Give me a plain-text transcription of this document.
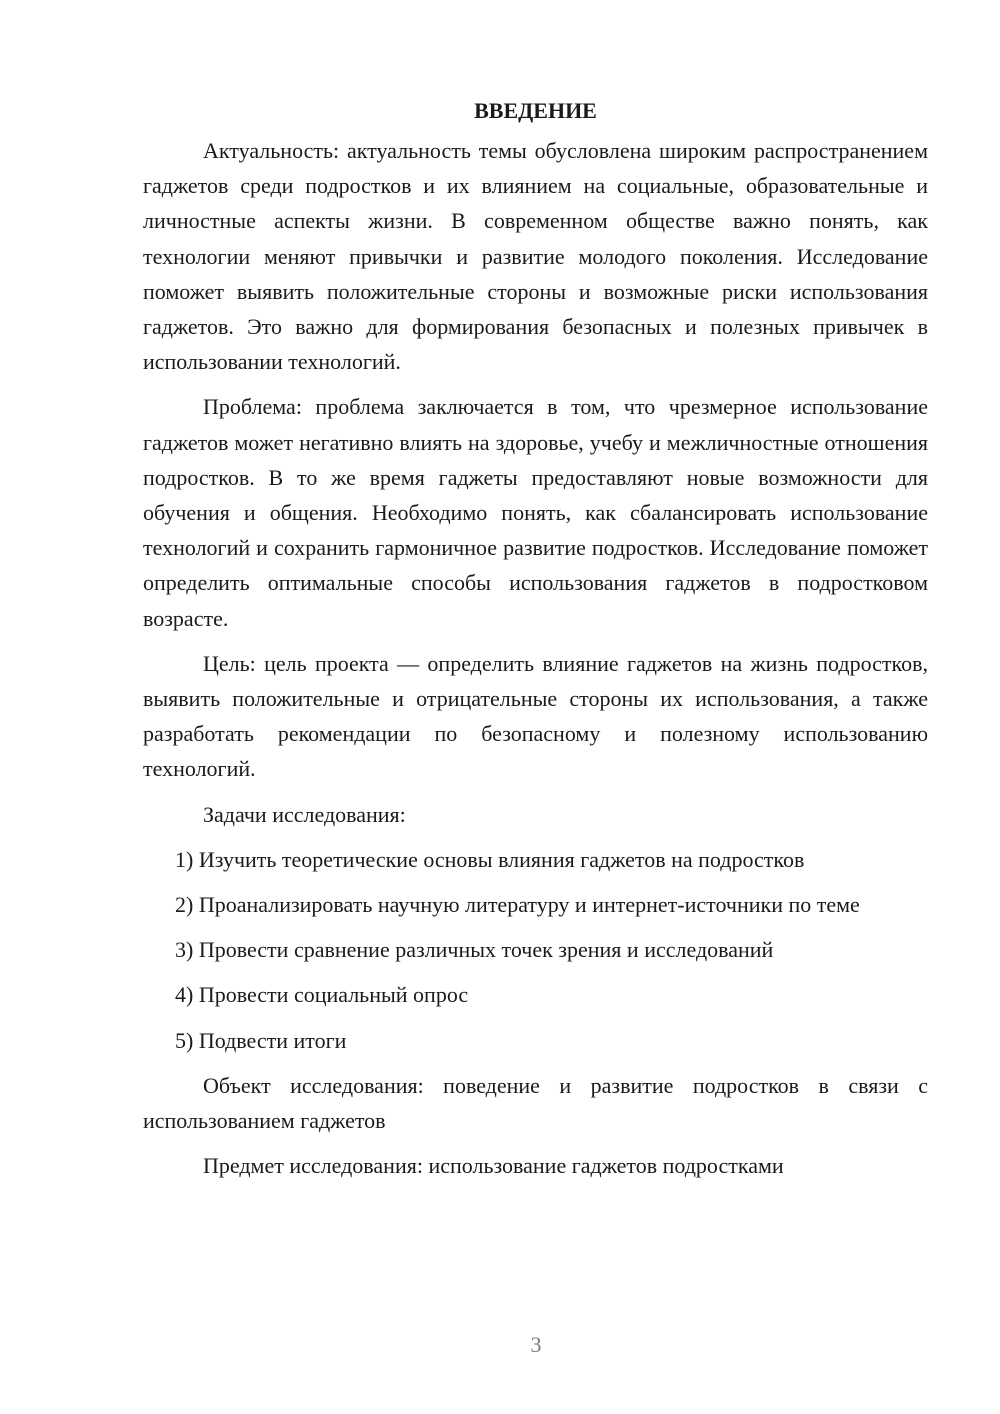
ВВЕДЕНИЕ

Актуальность: актуальность темы обусловлена широким распространением гаджетов среди подростков и их влиянием на социальные, образовательные и личностные аспекты жизни. В современном обществе важно понять, как технологии меняют привычки и развитие молодого поколения. Исследование поможет выявить положительные стороны и возможные риски использования гаджетов. Это важно для формирования безопасных и полезных привычек в использовании технологий.

Проблема: проблема заключается в том, что чрезмерное использование гаджетов может негативно влиять на здоровье, учебу и межличностные отношения подростков. В то же время гаджеты предоставляют новые возможности для обучения и общения. Необходимо понять, как сбалансировать использование технологий и сохранить гармоничное развитие подростков. Исследование поможет определить оптимальные способы использования гаджетов в подростковом возрасте.

Цель: цель проекта — определить влияние гаджетов на жизнь подростков, выявить положительные и отрицательные стороны их использования, а также разработать рекомендации по безопасному и полезному использованию технологий.

Задачи исследования:

1) Изучить теоретические основы влияния гаджетов на подростков

2) Проанализировать научную литературу и интернет-источники по теме

3) Провести сравнение различных точек зрения и исследований

4) Провести социальный опрос

5) Подвести итоги

Объект исследования: поведение и развитие подростков в связи с использованием гаджетов

Предмет исследования: использование гаджетов подростками

3
